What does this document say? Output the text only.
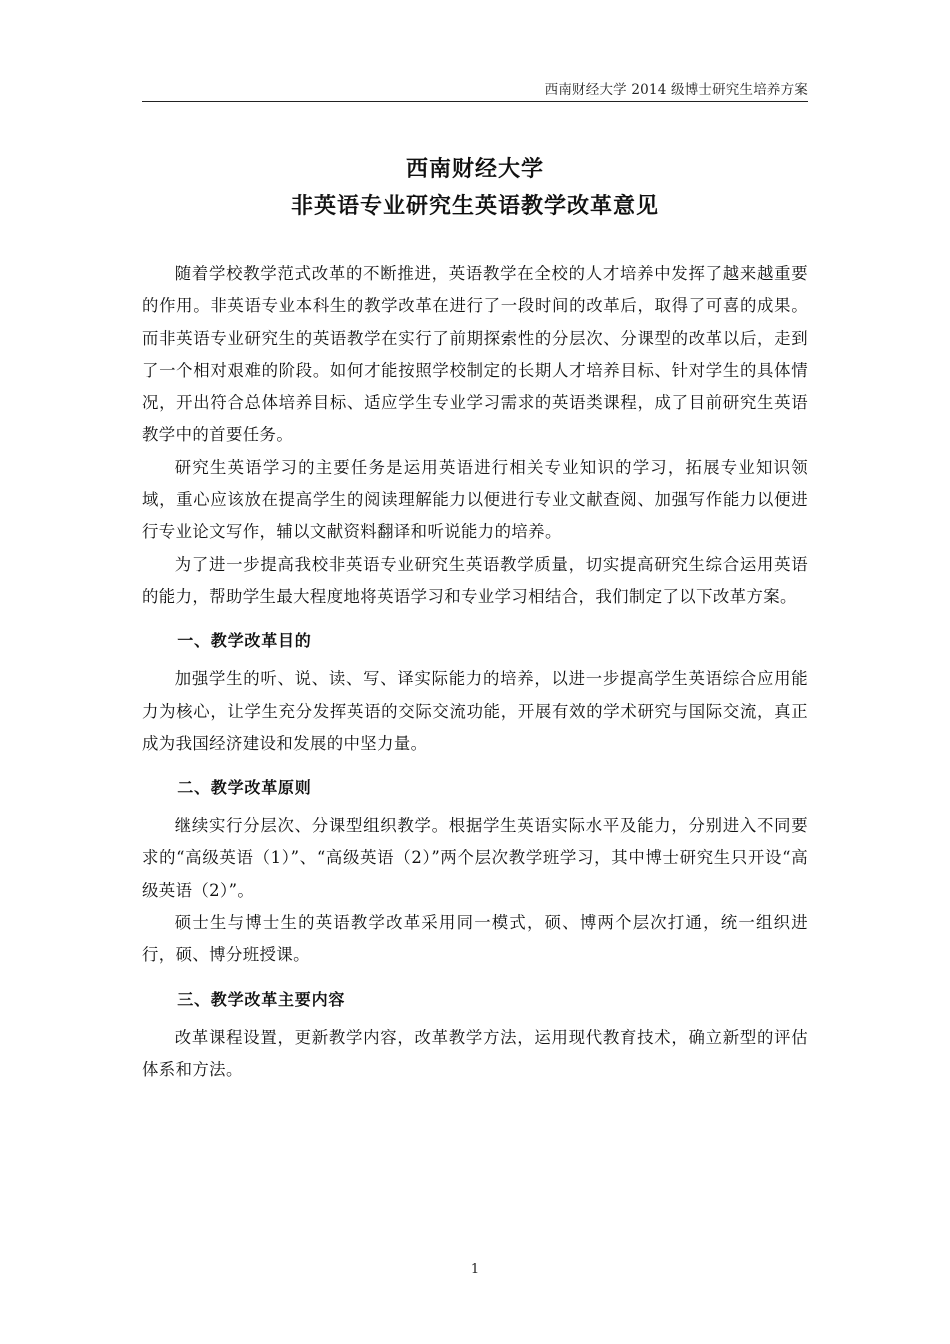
西南财经大学 2014 级博士研究生培养方案
西南财经大学
非英语专业研究生英语教学改革意见

随着学校教学范式改革的不断推进，英语教学在全校的人才培养中发挥了越来越重要的作用。非英语专业本科生的教学改革在进行了一段时间的改革后，取得了可喜的成果。而非英语专业研究生的英语教学在实行了前期探索性的分层次、分课型的改革以后，走到了一个相对艰难的阶段。如何才能按照学校制定的长期人才培养目标、针对学生的具体情况，开出符合总体培养目标、适应学生专业学习需求的英语类课程，成了目前研究生英语教学中的首要任务。

研究生英语学习的主要任务是运用英语进行相关专业知识的学习，拓展专业知识领域，重心应该放在提高学生的阅读理解能力以便进行专业文献查阅、加强写作能力以便进行专业论文写作，辅以文献资料翻译和听说能力的培养。

为了进一步提高我校非英语专业研究生英语教学质量，切实提高研究生综合运用英语的能力，帮助学生最大程度地将英语学习和专业学习相结合，我们制定了以下改革方案。

一、教学改革目的

加强学生的听、说、读、写、译实际能力的培养，以进一步提高学生英语综合应用能力为核心，让学生充分发挥英语的交际交流功能，开展有效的学术研究与国际交流，真正成为我国经济建设和发展的中坚力量。

二、教学改革原则

继续实行分层次、分课型组织教学。根据学生英语实际水平及能力，分别进入不同要求的“高级英语（1）”、“高级英语（2）”两个层次教学班学习，其中博士研究生只开设“高级英语（2）”。

硕士生与博士生的英语教学改革采用同一模式，硕、博两个层次打通，统一组织进行，硕、博分班授课。

三、教学改革主要内容

改革课程设置，更新教学内容，改革教学方法，运用现代教育技术，确立新型的评估体系和方法。

1
